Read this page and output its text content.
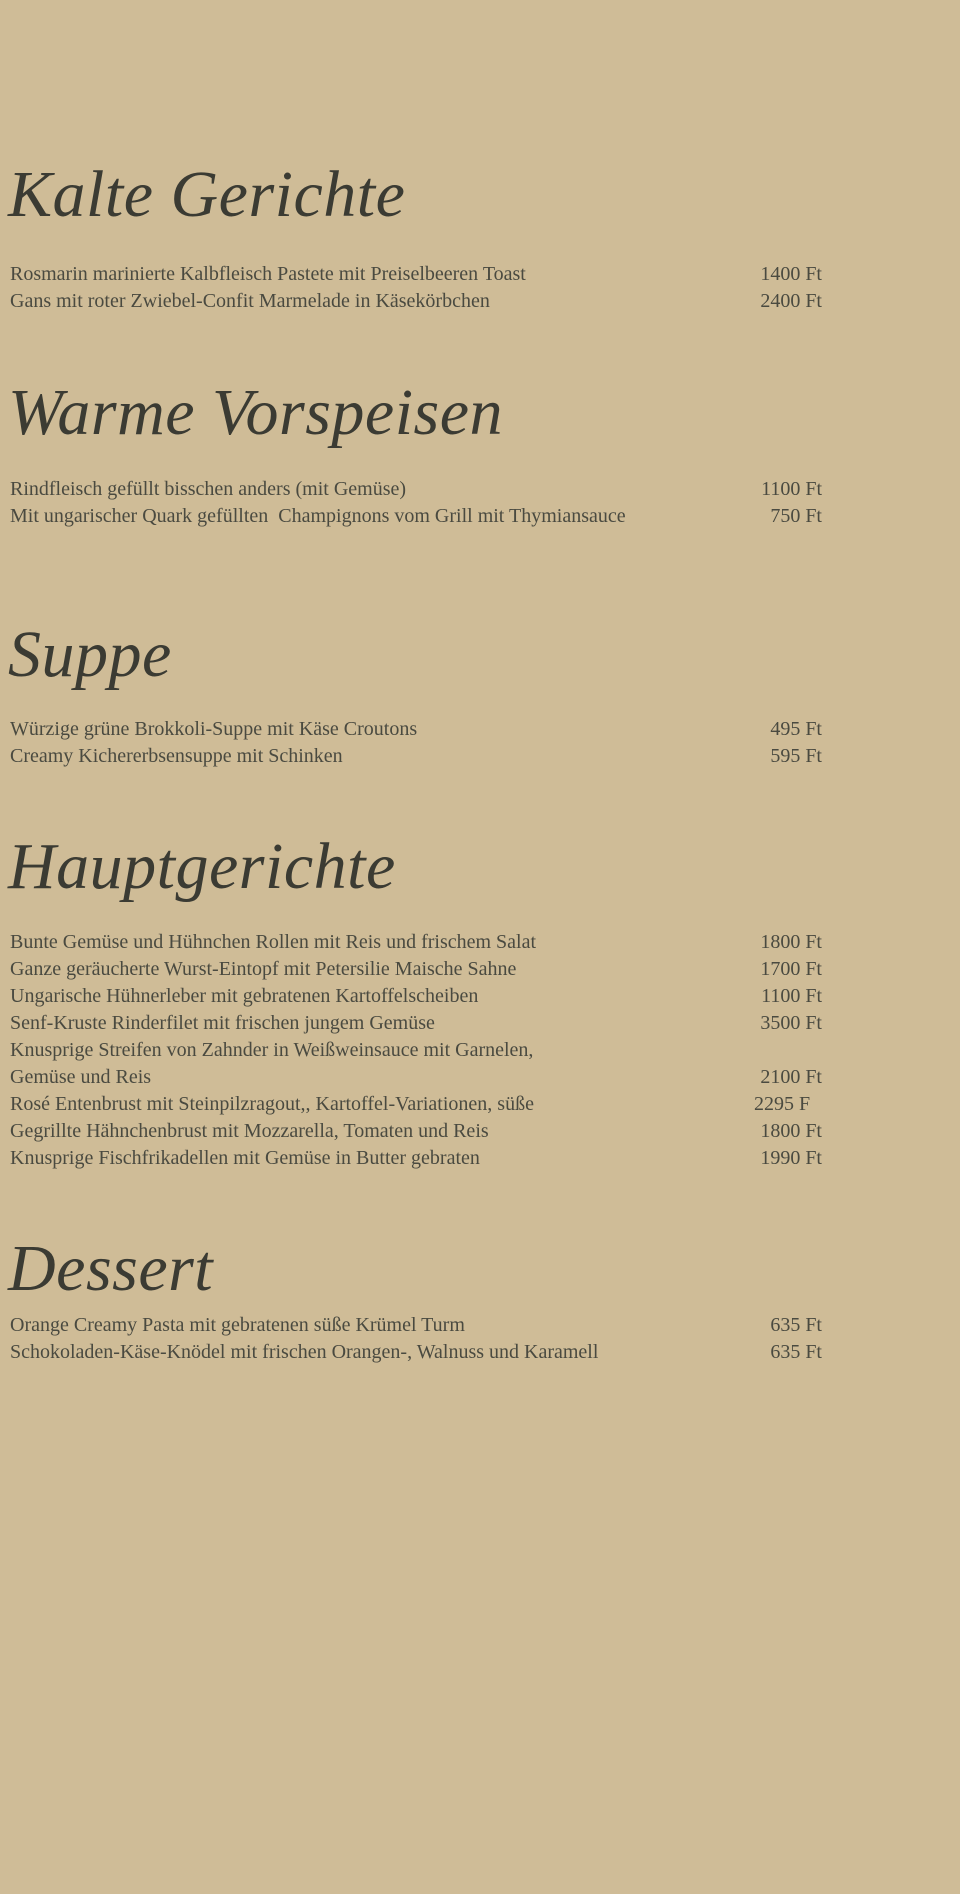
Kalte Gerichte
Rosmarin marinierte Kalbfleisch Pastete mit Preiselbeeren Toast	1400 Ft
Gans mit roter Zwiebel-Confit Marmelade in Käsekörbchen	2400 Ft
Warme Vorspeisen
Rindfleisch gefüllt bisschen anders (mit Gemüse)	1100 Ft
Mit ungarischer Quark gefüllten  Champignons vom Grill mit Thymiansauce	750 Ft
Suppe
Würzige grüne Brokkoli-Suppe mit Käse Croutons	495 Ft
Creamy Kichererbsensuppe mit Schinken	595 Ft
Hauptgerichte
Bunte Gemüse und Hühnchen Rollen mit Reis und frischem Salat	1800 Ft
Ganze geräucherte Wurst-Eintopf mit Petersilie Maische Sahne	1700 Ft
Ungarische Hühnerleber mit gebratenen Kartoffelscheiben	1100 Ft
Senf-Kruste Rinderfilet mit frischen jungem Gemüse	3500 Ft
Knusprige Streifen von Zahnder in Weißweinsauce mit Garnelen,
Gemüse und Reis	2100 Ft
Rosé Entenbrust mit Steinpilzragout,, Kartoffel-Variationen, süße	2295 F
Gegrillte Hähnchenbrust mit Mozzarella, Tomaten und Reis	1800 Ft
Knusprige Fischfrikadellen mit Gemüse in Butter gebraten	1990 Ft
Dessert
Orange Creamy Pasta mit gebratenen süße Krümel Turm	635 Ft
Schokoladen-Käse-Knödel mit frischen Orangen-, Walnuss und Karamell	635 Ft
